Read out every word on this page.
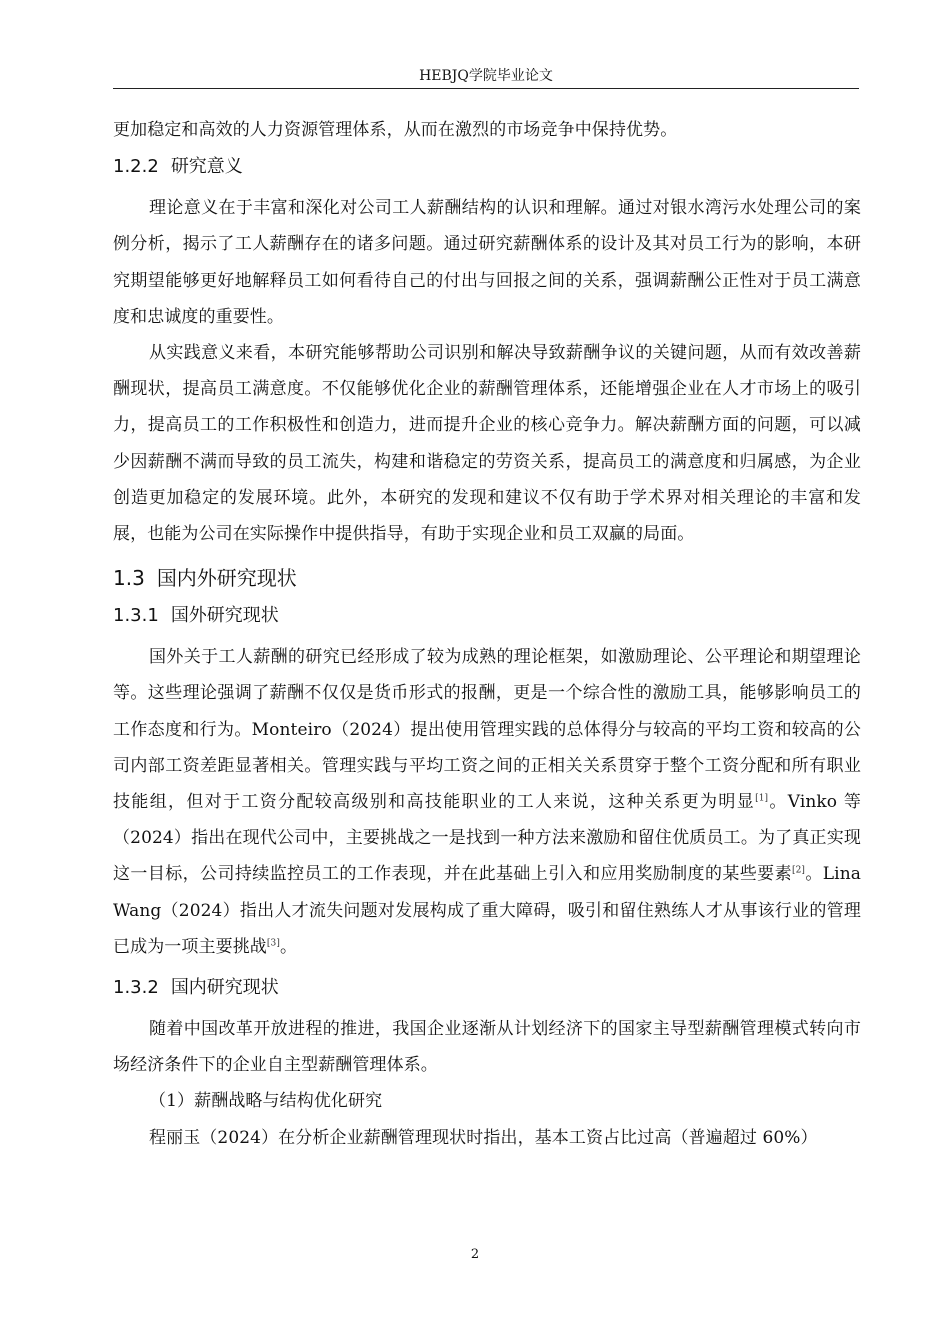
HEBJQ学院毕业论文

更加稳定和高效的人力资源管理体系，从而在激烈的市场竞争中保持优势。

1.2.2 研究意义

理论意义在于丰富和深化对公司工人薪酬结构的认识和理解。通过对银水湾污水处理公司的案例分析，揭示了工人薪酬存在的诸多问题。通过研究薪酬体系的设计及其对员工行为的影响，本研究期望能够更好地解释员工如何看待自己的付出与回报之间的关系，强调薪酬公正性对于员工满意度和忠诚度的重要性。

从实践意义来看，本研究能够帮助公司识别和解决导致薪酬争议的关键问题，从而有效改善薪酬现状，提高员工满意度。不仅能够优化企业的薪酬管理体系，还能增强企业在人才市场上的吸引力，提高员工的工作积极性和创造力，进而提升企业的核心竞争力。解决薪酬方面的问题，可以减少因薪酬不满而导致的员工流失，构建和谐稳定的劳资关系，提高员工的满意度和归属感，为企业创造更加稳定的发展环境。此外，本研究的发现和建议不仅有助于学术界对相关理论的丰富和发展，也能为公司在实际操作中提供指导，有助于实现企业和员工双赢的局面。

1.3 国内外研究现状
1.3.1 国外研究现状

国外关于工人薪酬的研究已经形成了较为成熟的理论框架，如激励理论、公平理论和期望理论等。这些理论强调了薪酬不仅仅是货币形式的报酬，更是一个综合性的激励工具，能够影响员工的工作态度和行为。Monteiro（2024）提出使用管理实践的总体得分与较高的平均工资和较高的公司内部工资差距显著相关。管理实践与平均工资之间的正相关关系贯穿于整个工资分配和所有职业技能组，但对于工资分配较高级别和高技能职业的工人来说，这种关系更为明显[1]。Vinko 等（2024）指出在现代公司中，主要挑战之一是找到一种方法来激励和留住优质员工。为了真正实现这一目标，公司持续监控员工的工作表现，并在此基础上引入和应用奖励制度的某些要素[2]。Lina Wang（2024）指出人才流失问题对发展构成了重大障碍，吸引和留住熟练人才从事该行业的管理已成为一项主要挑战[3]。

1.3.2 国内研究现状

随着中国改革开放进程的推进，我国企业逐渐从计划经济下的国家主导型薪酬管理模式转向市场经济条件下的企业自主型薪酬管理体系。

（1）薪酬战略与结构优化研究

程丽玉（2024）在分析企业薪酬管理现状时指出，基本工资占比过高（普遍超过 60%）

2
